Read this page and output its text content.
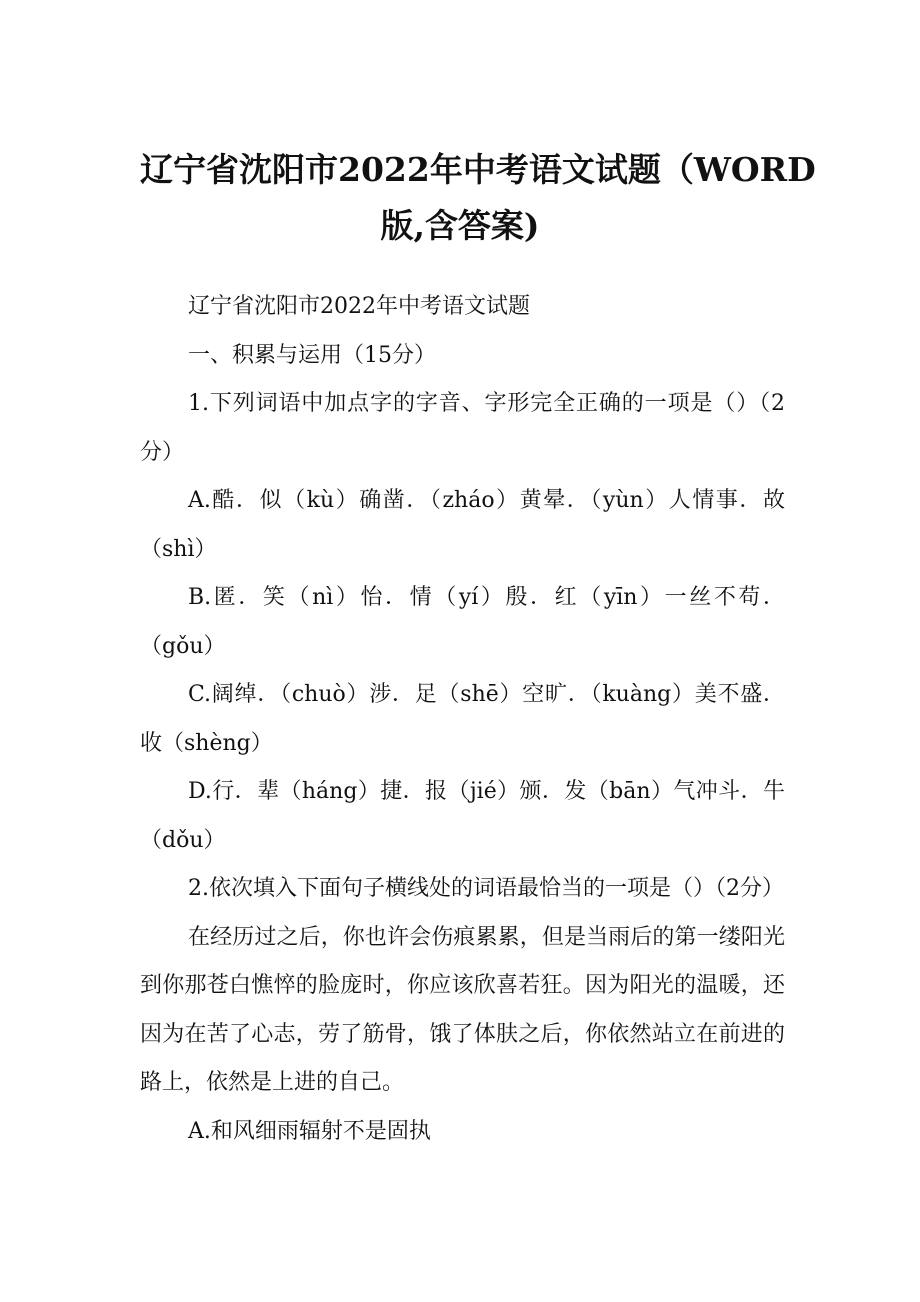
辽宁省沈阳市2022年中考语文试题（WORD
版,含答案)

辽宁省沈阳市2022年中考语文试题

一、积累与运用（15分）

1.下列词语中加点字的字音、字形完全正确的一项是（）（2分）

A.酷．似（kù）确凿．（zháo）黄晕．（yùn）人情事．故（shì）

B.匿．笑（nì）怡．情（yí）殷．红（yīn）一丝不苟．（gǒu）

C.阔绰．（chuò）涉．足（shē）空旷．（kuàng）美不盛．收（shèng）

D.行．辈（háng）捷．报（jié）颁．发（bān）气冲斗．牛（dǒu）

2.依次填入下面句子横线处的词语最恰当的一项是（）（2分）

在经历过之后，你也许会伤痕累累，但是当雨后的第一缕阳光到你那苍白憔悴的脸庞时，你应该欣喜若狂。因为阳光的温暖，还因为在苦了心志，劳了筋骨，饿了体肤之后，你依然站立在前进的路上，依然是上进的自己。

A.和风细雨辐射不是固执
